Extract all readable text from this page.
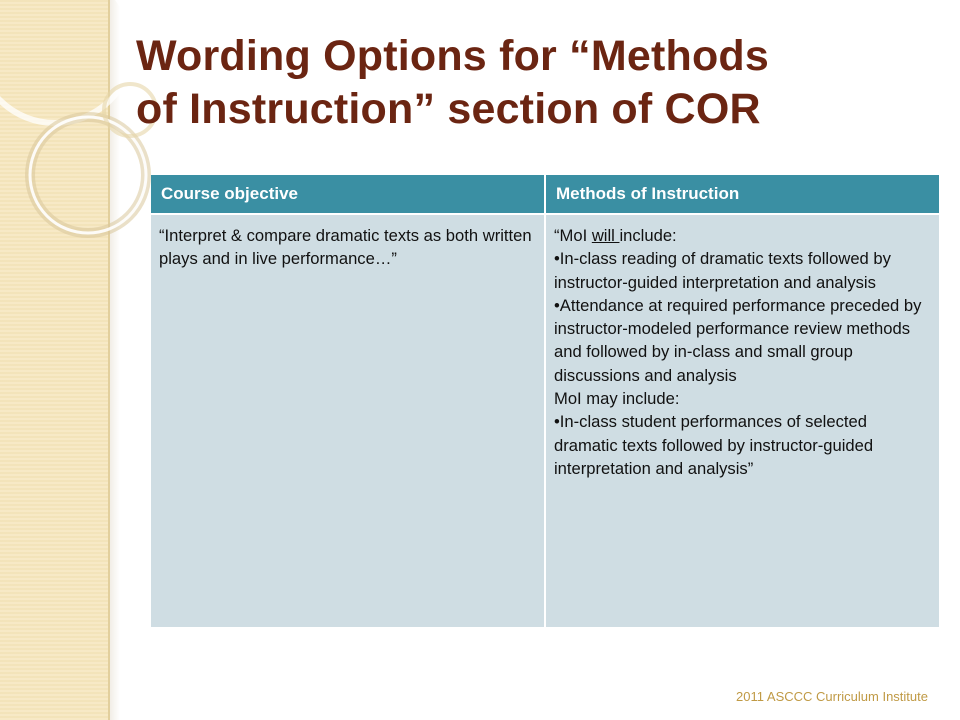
Wording Options for “Methods
of Instruction” section of COR
Course objective	Methods of Instruction

“Interpret & compare dramatic texts as both written plays and in live performance…”	“MoI will include:
•In-class reading of dramatic texts followed by instructor-guided interpretation and analysis
•Attendance at required performance preceded by instructor-modeled performance review methods and followed by in-class and small group discussions and analysis
MoI may include:
•In-class student performances of selected dramatic texts followed by instructor-guided interpretation and analysis”
2011 ASCCC Curriculum Institute
